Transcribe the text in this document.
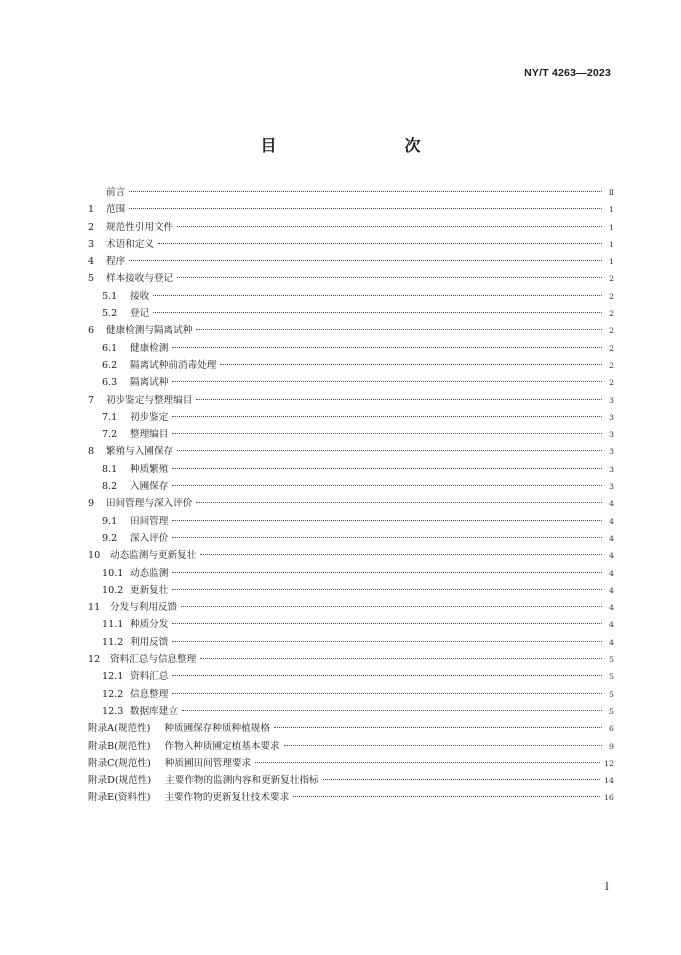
NY/T 4263—2023
目　　次
前言	Ⅱ
1	范围	1
2	规范性引用文件	1
3	术语和定义	1
4	程序	1
5	样本接收与登记	2
5.1	接收	2
5.2	登记	2
6	健康检测与隔离试种	2
6.1	健康检测	2
6.2	隔离试种前消毒处理	2
6.3	隔离试种	2
7	初步鉴定与整理编目	3
7.1	初步鉴定	3
7.2	整理编目	3
8	繁殖与入圃保存	3
8.1	种质繁殖	3
8.2	入圃保存	3
9	田间管理与深入评价	4
9.1	田间管理	4
9.2	深入评价	4
10	动态监测与更新复壮	4
10.1 动态监测	4
10.2 更新复壮	4
11	分发与利用反馈	4
11.1 种质分发	4
11.2 利用反馈	4
12	资料汇总与信息整理	5
12.1 资料汇总	5
12.2 信息整理	5
12.3 数据库建立	5
附录A(规范性) 种质圃保存种质种植规格	6
附录B(规范性) 作物入种质圃定植基本要求	9
附录C(规范性) 种质圃田间管理要求	12
附录D(规范性) 主要作物的监测内容和更新复壮指标	14
附录E(资料性) 主要作物的更新复壮技术要求	16
I
